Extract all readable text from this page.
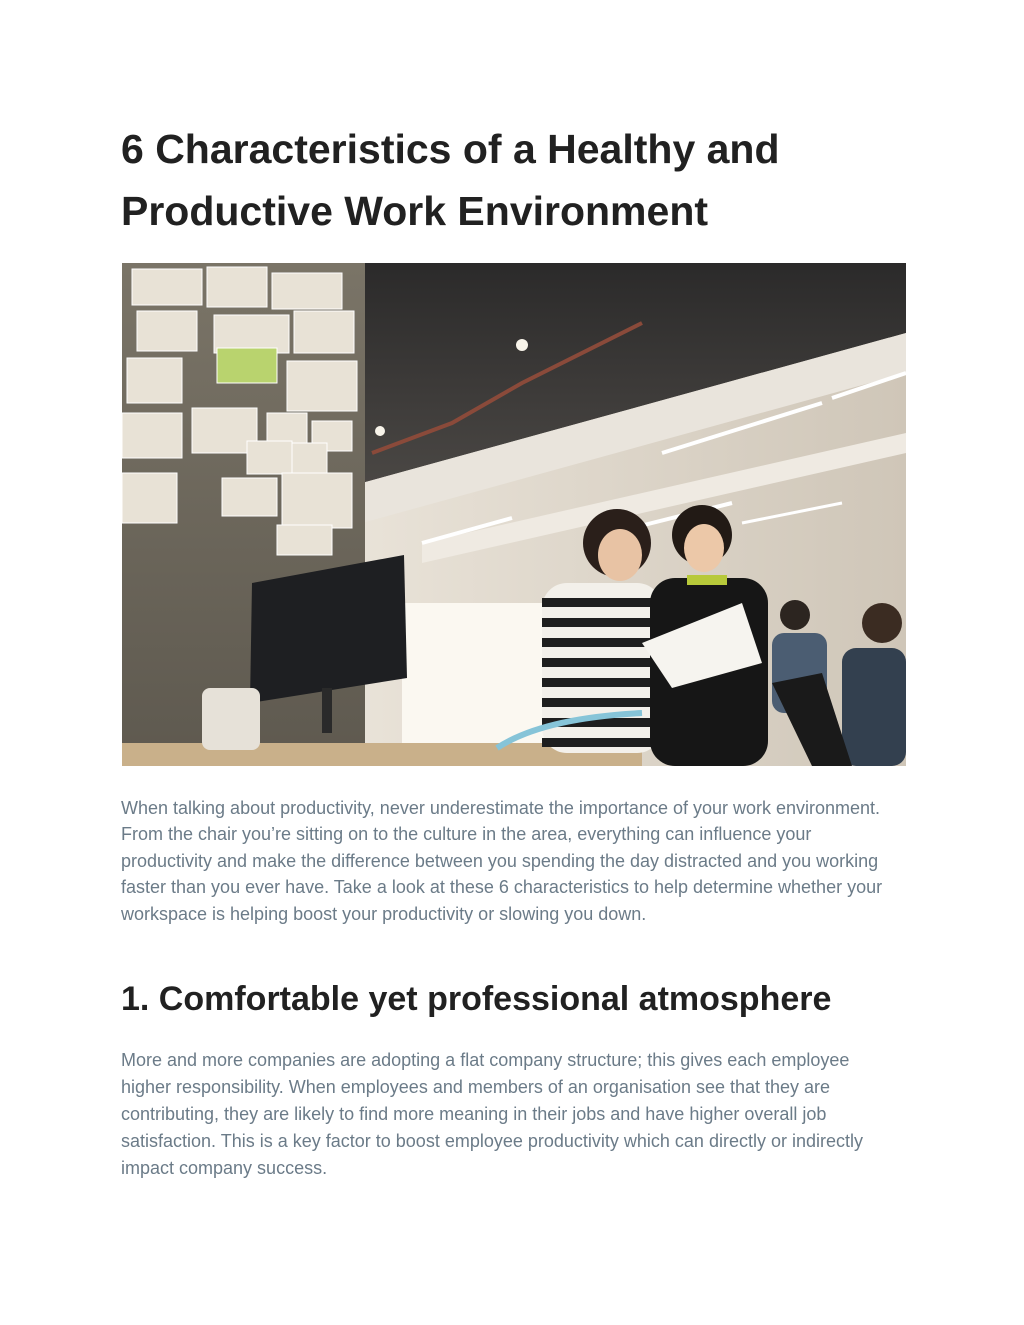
6 Characteristics of a Healthy and Productive Work Environment

When talking about productivity, never underestimate the importance of your work environment. From the chair you’re sitting on to the culture in the area, everything can influence your productivity and make the difference between you spending the day distracted and you working faster than you ever have. Take a look at these 6 characteristics to help determine whether your workspace is helping boost your productivity or slowing you down.

1. Comfortable yet professional atmosphere

More and more companies are adopting a flat company structure; this gives each employee higher responsibility. When employees and members of an organisation see that they are contributing, they are likely to find more meaning in their jobs and have higher overall job satisfaction. This is a key factor to boost employee productivity which can directly or indirectly impact company success.
